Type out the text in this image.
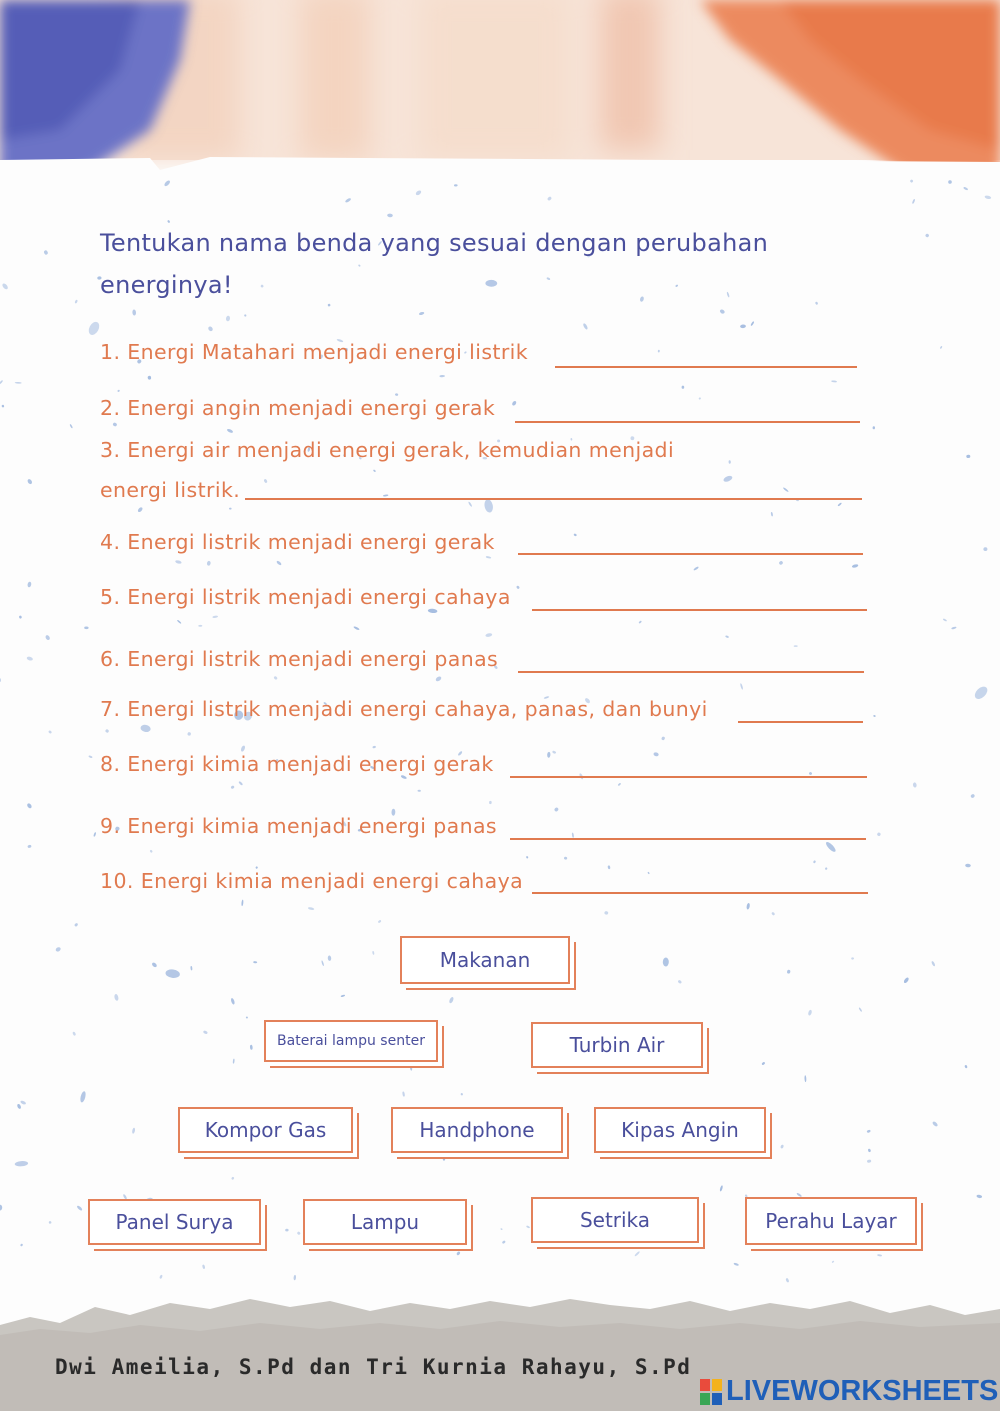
Tentukan nama benda yang sesuai dengan perubahan energinya!
1. Energi Matahari menjadi energi listrik
2. Energi angin menjadi energi gerak
3. Energi air menjadi energi gerak, kemudian menjadi
energi listrik.
4. Energi listrik menjadi energi gerak
5. Energi listrik menjadi energi cahaya
6. Energi listrik menjadi energi panas
7. Energi listrik menjadi energi cahaya, panas, dan bunyi
8. Energi kimia menjadi energi gerak
9. Energi kimia menjadi energi panas
10. Energi kimia menjadi energi cahaya
Makanan
Baterai lampu senter	Turbin Air
Kompor Gas	Handphone	Kipas Angin
Panel Surya	Lampu	Setrika	Perahu Layar
Dwi Ameilia, S.Pd dan Tri Kurnia Rahayu, S.Pd
LIVEWORKSHEETS
